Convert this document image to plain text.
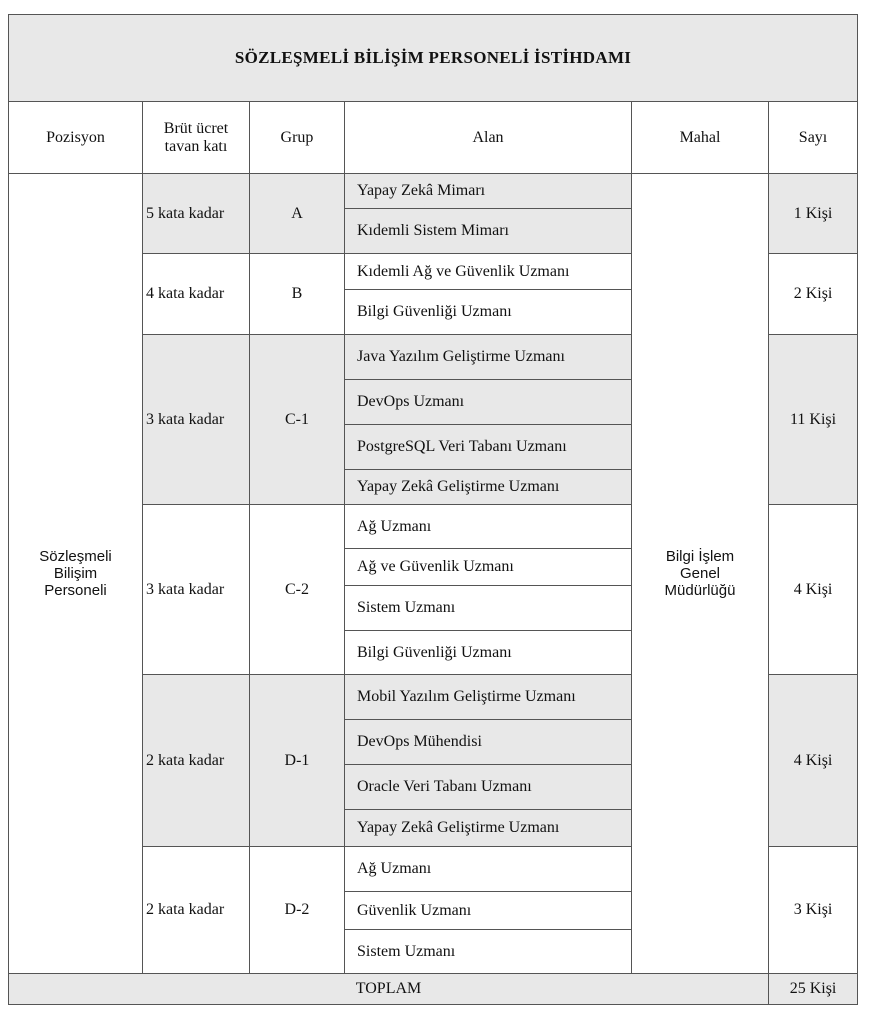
SÖZLEŞMELİ BİLİŞİM PERSONELİ İSTİHDAMI					
Pozisyon	Brüt ücret tavan katı	Grup	Alan	Mahal	Sayı
Sözleşmeli Bilişim Personeli	5 kata kadar	A	Yapay Zekâ Mimarı	Bilgi İşlem Genel Müdürlüğü	1 Kişi
			Kıdemli Sistem Mimarı		
	4 kata kadar	B	Kıdemli Ağ ve Güvenlik Uzmanı		2 Kişi
			Bilgi Güvenliği Uzmanı		
	3 kata kadar	C-1	Java Yazılım Geliştirme Uzmanı		11 Kişi
			DevOps Uzmanı		
			PostgreSQL Veri Tabanı Uzmanı		
			Yapay Zekâ Geliştirme Uzmanı		
	3 kata kadar	C-2	Ağ Uzmanı		4 Kişi
			Ağ ve Güvenlik Uzmanı		
			Sistem Uzmanı		
			Bilgi Güvenliği Uzmanı		
	2 kata kadar	D-1	Mobil Yazılım Geliştirme Uzmanı		4 Kişi
			DevOps Mühendisi		
			Oracle Veri Tabanı Uzmanı		
			Yapay Zekâ Geliştirme Uzmanı		
	2 kata kadar	D-2	Ağ Uzmanı		3 Kişi
			Güvenlik Uzmanı		
			Sistem Uzmanı		
TOPLAM					25 Kişi
